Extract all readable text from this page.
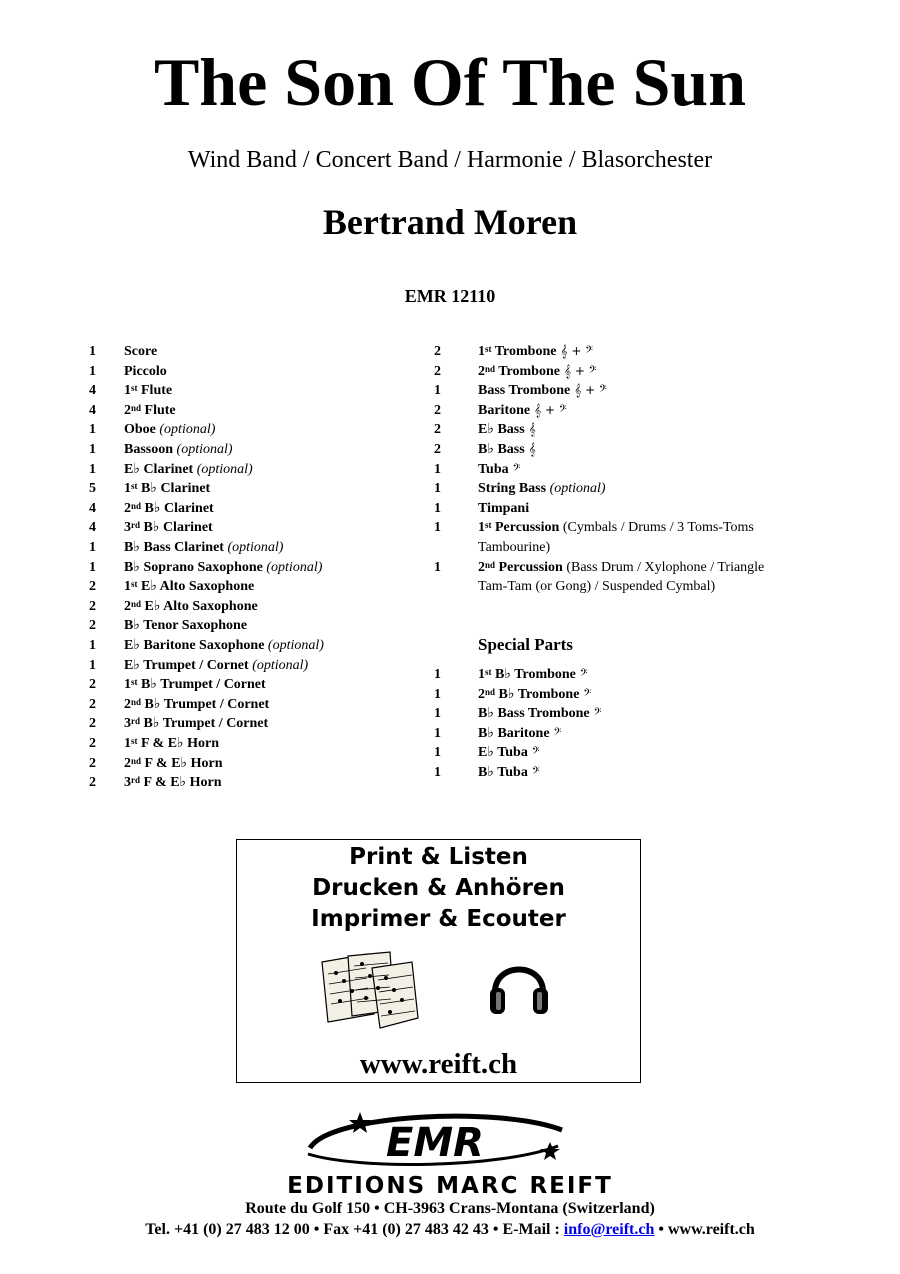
The Son Of The Sun
Wind Band / Concert Band / Harmonie / Blasorchester
Bertrand Moren
EMR 12110
1	Score
1	Piccolo
4	1st Flute
4	2nd Flute
1	Oboe (optional)
1	Bassoon (optional)
1	E♭ Clarinet (optional)
5	1st B♭ Clarinet
4	2nd B♭ Clarinet
4	3rd B♭ Clarinet
1	B♭ Bass Clarinet (optional)
1	B♭ Soprano Saxophone (optional)
2	1st E♭ Alto Saxophone
2	2nd E♭ Alto Saxophone
2	B♭ Tenor Saxophone
1	E♭ Baritone Saxophone (optional)
1	E♭ Trumpet / Cornet (optional)
2	1st B♭ Trumpet / Cornet
2	2nd B♭ Trumpet / Cornet
2	3rd B♭ Trumpet / Cornet
2	1st F & E♭ Horn
2	2nd F & E♭ Horn
2	3rd F & E♭ Horn
2	1st Trombone 𝄞 + 𝄢
2	2nd Trombone 𝄞 + 𝄢
1	Bass Trombone 𝄞 + 𝄢
2	Baritone 𝄞 + 𝄢
2	E♭ Bass 𝄞
2	B♭ Bass 𝄞
1	Tuba 𝄢
1	String Bass (optional)
1	Timpani
1	1st Percussion (Cymbals / Drums / 3 Toms-Toms
Tambourine)
1	2nd Percussion (Bass Drum / Xylophone / Triangle
Tam-Tam (or Gong) / Suspended Cymbal)
Special Parts
1	1st B♭ Trombone 𝄢
1	2nd B♭ Trombone 𝄢
1	B♭ Bass Trombone 𝄢
1	B♭ Baritone 𝄢
1	E♭ Tuba 𝄢
1	B♭ Tuba 𝄢
Print & Listen
Drucken & Anhören
Imprimer & Ecouter
www.reift.ch
EMR
EDITIONS MARC REIFT
Route du Golf 150 • CH-3963 Crans-Montana (Switzerland)
Tel. +41 (0) 27 483 12 00 • Fax +41 (0) 27 483 42 43 • E-Mail : info@reift.ch • www.reift.ch
